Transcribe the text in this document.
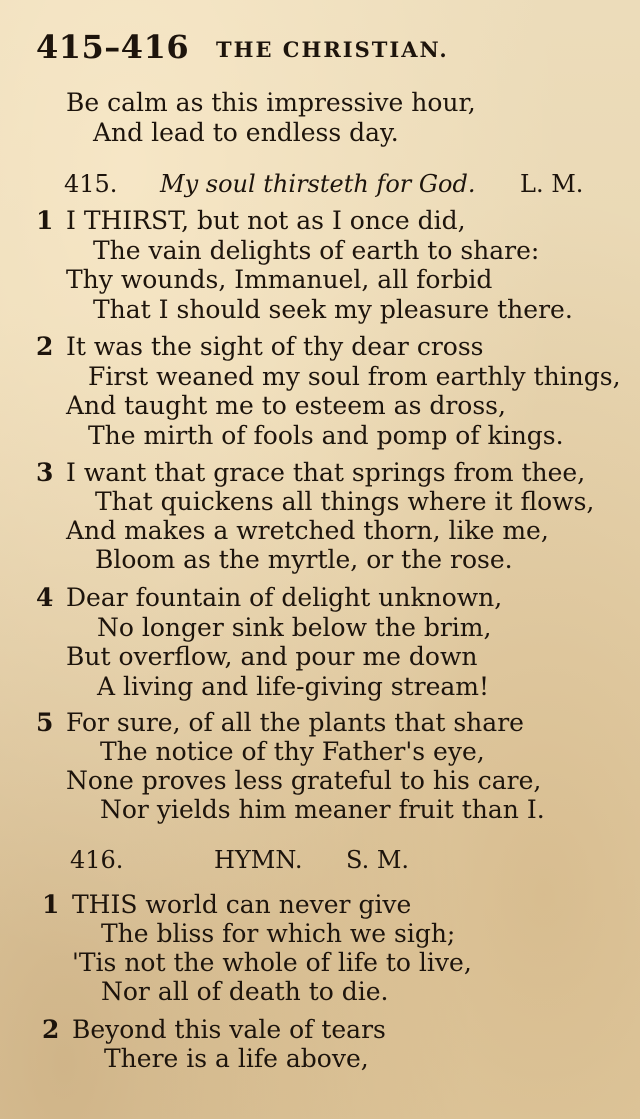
415–416 THE CHRISTIAN.
Be calm as this impressive hour,
And lead to endless day.
415. My soul thirsteth for God. L. M.
1 I THIRST, but not as I once did,
The vain delights of earth to share:
Thy wounds, Immanuel, all forbid
That I should seek my pleasure there.
2 It was the sight of thy dear cross
First weaned my soul from earthly things,
And taught me to esteem as dross,
The mirth of fools and pomp of kings.
3 I want that grace that springs from thee,
That quickens all things where it flows,
And makes a wretched thorn, like me,
Bloom as the myrtle, or the rose.
4 Dear fountain of delight unknown,
No longer sink below the brim,
But overflow, and pour me down
A living and life-giving stream!
5 For sure, of all the plants that share
The notice of thy Father's eye,
None proves less grateful to his care,
Nor yields him meaner fruit than I.
416.	HYMN. S. M.
1 THIS world can never give
The bliss for which we sigh;
'Tis not the whole of life to live,
Nor all of death to die.
2 Beyond this vale of tears
There is a life above,
